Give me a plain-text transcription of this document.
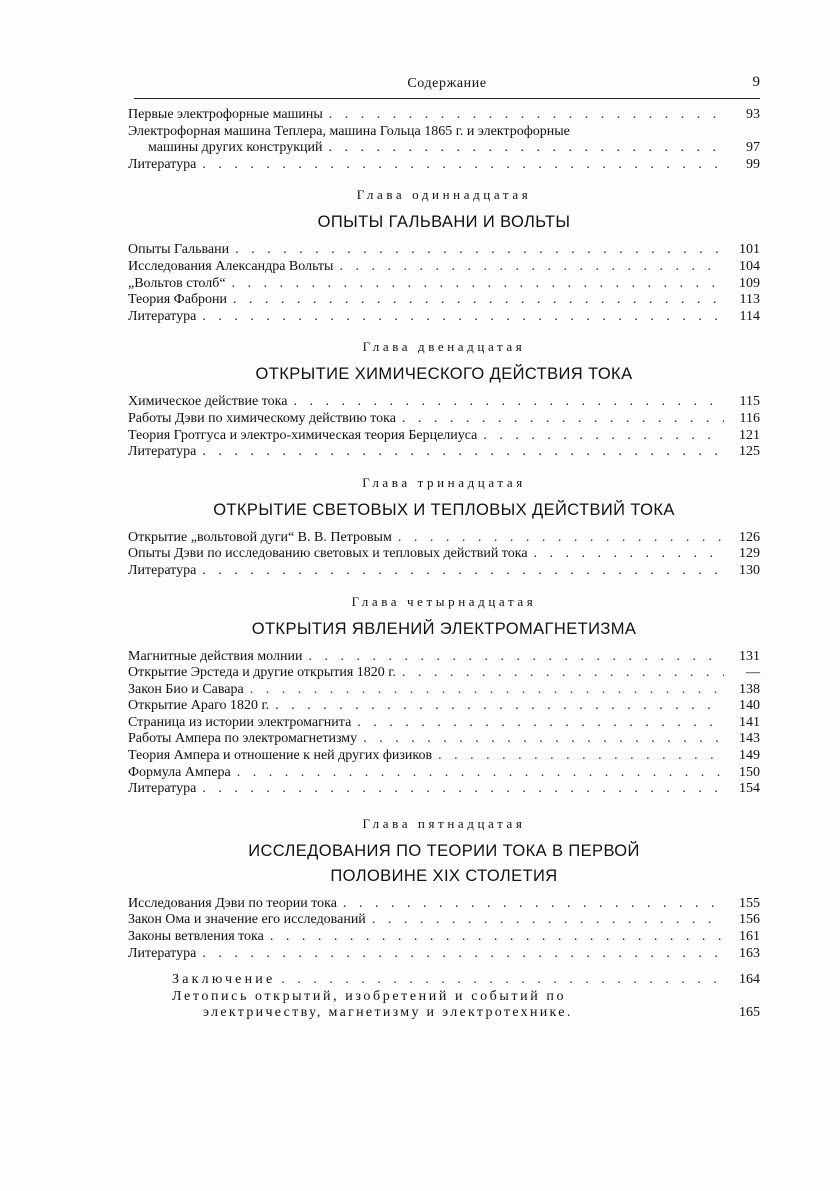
Содержание	9
Первые электрофорные машины . . .	93
Электрофорная машина Теплера, машина Гольца 1865 г. и электрофорные
машины других конструкций . . .	97
Литература . . .	99
Глава одиннадцатая
ОПЫТЫ ГАЛЬВАНИ И ВОЛЬТЫ
Опыты Гальвани . . .	101
Исследования Александра Вольты . . .	104
„Вольтов столб“ . . .	109
Теория Фаброни . . .	113
Литература . . .	114
Глава двенадцатая
ОТКРЫТИЕ ХИМИЧЕСКОГО ДЕЙСТВИЯ ТОКА
Химическое действие тока . . .	115
Работы Дэви по химическому действию тока . . .	116
Теория Гротгуса и электро-химическая теория Берцелиуса . . .	121
Литература . . .	125
Глава тринадцатая
ОТКРЫТИЕ СВЕТОВЫХ И ТЕПЛОВЫХ ДЕЙСТВИЙ ТОКА
Открытие „вольтовой дуги“ В. В. Петровым . . .	126
Опыты Дэви по исследованию световых и тепловых действий тока . . .	129
Литература . . .	130
Глава четырнадцатая
ОТКРЫТИЯ ЯВЛЕНИЙ ЭЛЕКТРОМАГНЕТИЗМА
Магнитные действия молнии . . .	131
Открытие Эрстеда и другие открытия 1820 г. . . .	—
Закон Био и Савара . . .	138
Открытие Араго 1820 г. . . .	140
Страница из истории электромагнита . . .	141
Работы Ампера по электромагнетизму . . .	143
Теория Ампера и отношение к ней других физиков . . .	149
Формула Ампера . . .	150
Литература . . .	154
Глава пятнадцатая
ИССЛЕДОВАНИЯ ПО ТЕОРИИ ТОКА В ПЕРВОЙ
ПОЛОВИНЕ XIX СТОЛЕТИЯ
Исследования Дэви по теории тока . . .	155
Закон Ома и значение его исследований . . .	156
Законы ветвления тока . . .	161
Литература . . .	163
Заключение . . .	164
Летопись открытий, изобретений и событий по
электричеству, магнетизму и электротехнике.	165
